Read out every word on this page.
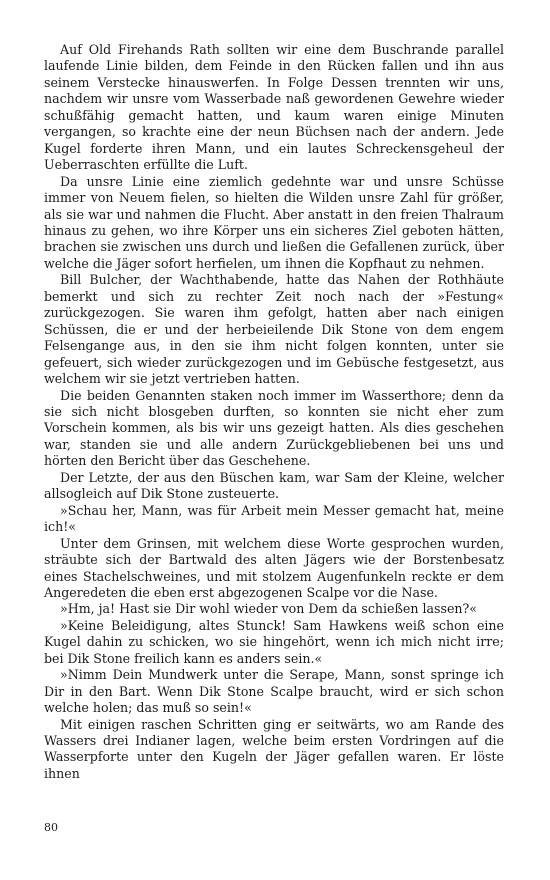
Auf Old Firehands Rath sollten wir eine dem Buschrande parallel laufende Linie bilden, dem Feinde in den Rücken fallen und ihn aus seinem Verstecke hinauswerfen. In Folge Dessen trennten wir uns, nachdem wir unsre vom Wasserbade naß gewordenen Gewehre wieder schußfähig gemacht hatten, und kaum waren einige Minuten vergangen, so krachte eine der neun Büchsen nach der andern. Jede Kugel forderte ihren Mann, und ein lautes Schreckensgeheul der Ueberraschten erfüllte die Luft.

Da unsre Linie eine ziemlich gedehnte war und unsre Schüsse immer von Neuem fielen, so hielten die Wilden unsre Zahl für größer, als sie war und nahmen die Flucht. Aber anstatt in den freien Thalraum hinaus zu gehen, wo ihre Körper uns ein sicheres Ziel geboten hätten, brachen sie zwischen uns durch und ließen die Gefallenen zurück, über welche die Jäger sofort herfielen, um ihnen die Kopfhaut zu nehmen.

Bill Bulcher, der Wachthabende, hatte das Nahen der Rothhäute bemerkt und sich zu rechter Zeit noch nach der »Festung« zurückgezogen. Sie waren ihm gefolgt, hatten aber nach einigen Schüssen, die er und der herbeieilende Dik Stone von dem engem Felsengange aus, in den sie ihm nicht folgen konnten, unter sie gefeuert, sich wieder zurückgezogen und im Gebüsche festgesetzt, aus welchem wir sie jetzt vertrieben hatten.

Die beiden Genannten staken noch immer im Wasserthore; denn da sie sich nicht blosgeben durften, so konnten sie nicht eher zum Vorschein kommen, als bis wir uns gezeigt hatten. Als dies geschehen war, standen sie und alle andern Zurückgebliebenen bei uns und hörten den Bericht über das Geschehene.

Der Letzte, der aus den Büschen kam, war Sam der Kleine, welcher allsogleich auf Dik Stone zusteuerte.

»Schau her, Mann, was für Arbeit mein Messer gemacht hat, meine ich!«

Unter dem Grinsen, mit welchem diese Worte gesprochen wurden, sträubte sich der Bartwald des alten Jägers wie der Borstenbesatz eines Stachelschweines, und mit stolzem Augenfunkeln reckte er dem Angeredeten die eben erst abgezogenen Scalpe vor die Nase.

»Hm, ja! Hast sie Dir wohl wieder von Dem da schießen lassen?«

»Keine Beleidigung, altes Stunck! Sam Hawkens weiß schon eine Kugel dahin zu schicken, wo sie hingehört, wenn ich mich nicht irre; bei Dik Stone freilich kann es anders sein.«

»Nimm Dein Mundwerk unter die Serape, Mann, sonst springe ich Dir in den Bart. Wenn Dik Stone Scalpe braucht, wird er sich schon welche holen; das muß so sein!«

Mit einigen raschen Schritten ging er seitwärts, wo am Rande des Wassers drei Indianer lagen, welche beim ersten Vordringen auf die Wasserpforte unter den Kugeln der Jäger gefallen waren. Er löste ihnen

80
